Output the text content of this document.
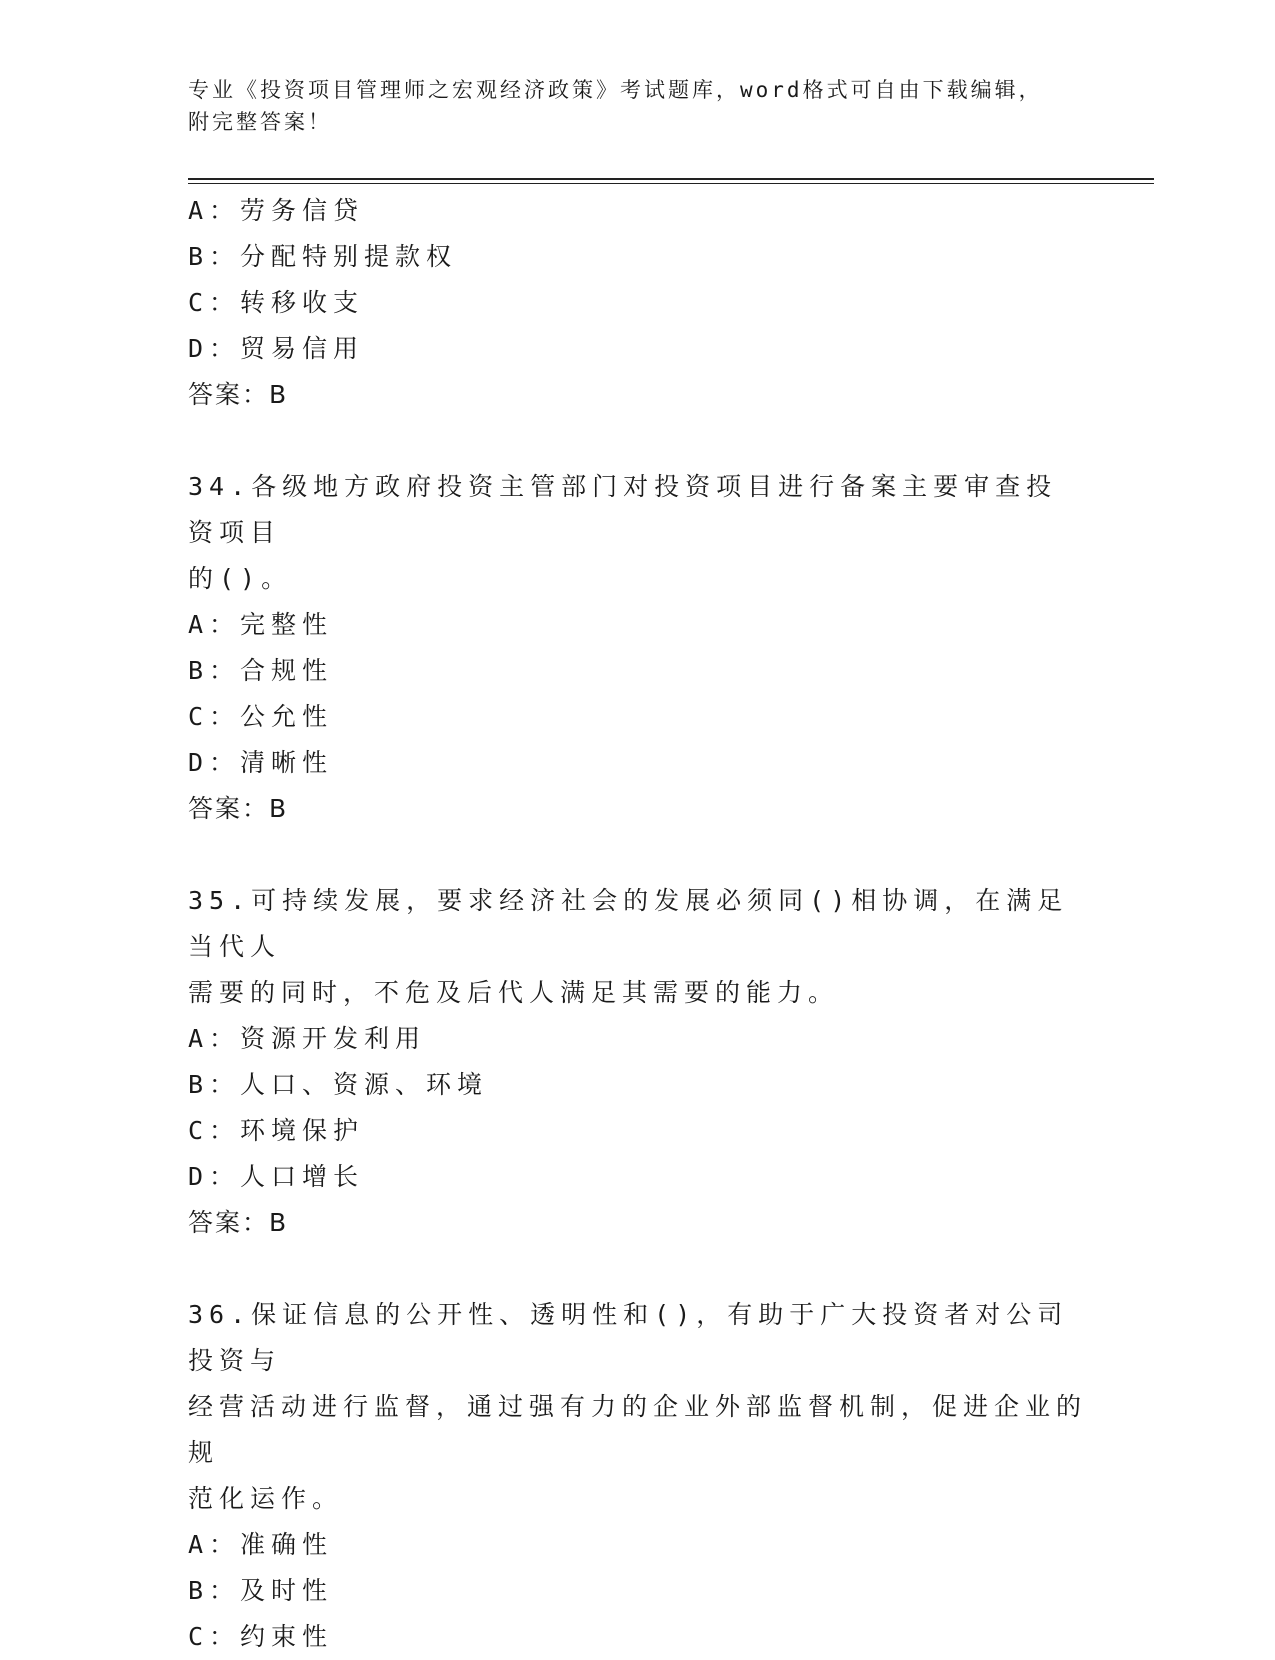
专业《投资项目管理师之宏观经济政策》考试题库，word格式可自由下载编辑，
附完整答案！
A：劳务信贷
B：分配特别提款权
C：转移收支
D：贸易信用
答案：B
34.各级地方政府投资主管部门对投资项目进行备案主要审查投资项目
的()。
A：完整性
B：合规性
C：公允性
D：清晰性
答案：B
35.可持续发展，要求经济社会的发展必须同()相协调，在满足当代人
需要的同时，不危及后代人满足其需要的能力。
A：资源开发利用
B：人口、资源、环境
C：环境保护
D：人口增长
答案：B
36.保证信息的公开性、透明性和()，有助于广大投资者对公司投资与
经营活动进行监督，通过强有力的企业外部监督机制，促进企业的规
范化运作。
A：准确性
B：及时性
C：约束性
